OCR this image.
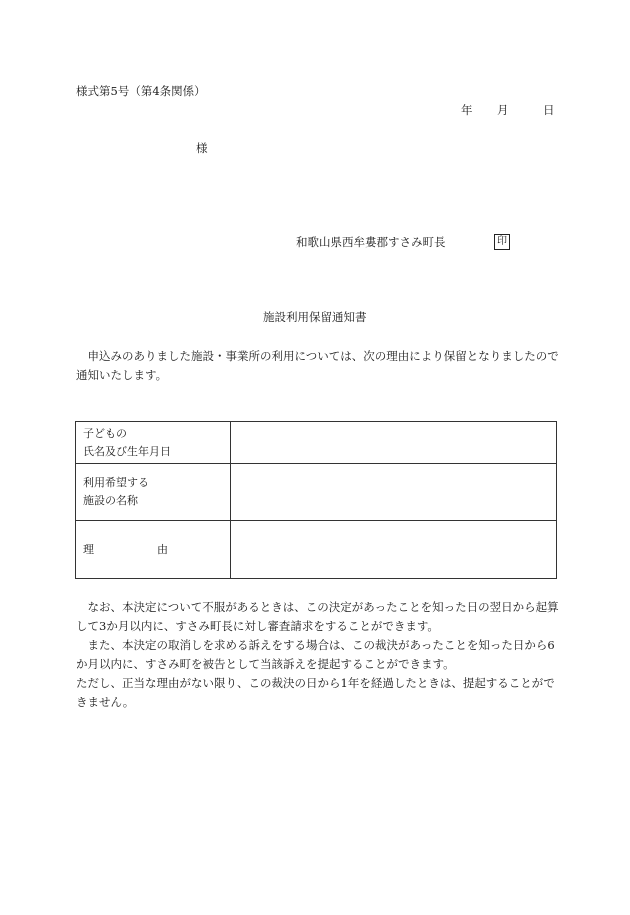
様式第5号（第4条関係）
年 月	日
様
和歌山県西牟婁郡すさみ町長	印
施設利用保留通知書
　申込みのありました施設・事業所の利用については、次の理由により保留となりましたので通知いたします。
子どもの
氏名及び生年月日	

利用希望する
施設の名称	

理 由	
　なお、本決定について不服があるときは、この決定があったことを知った日の翌日から起算して3か月以内に、すさみ町長に対し審査請求をすることができます。
　また、本決定の取消しを求める訴えをする場合は、この裁決があったことを知った日から6か月以内に、すさみ町を被告として当該訴えを提起することができます。
ただし、正当な理由がない限り、この裁決の日から1年を経過したときは、提起することができません。
